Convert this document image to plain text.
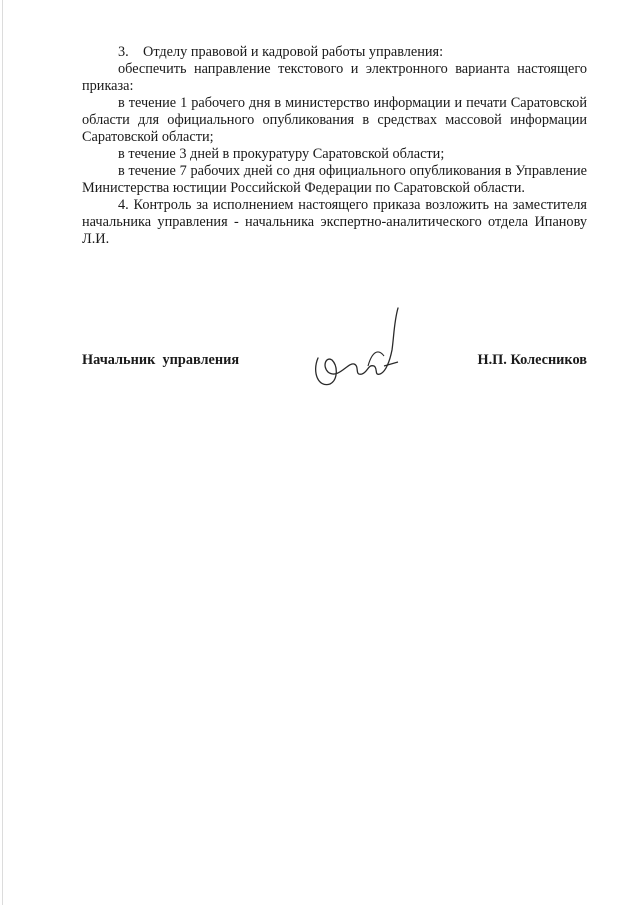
3.    Отделу правовой и кадровой работы управления:

обеспечить направление текстового и электронного варианта настоящего приказа:

в течение 1 рабочего дня в министерство информации и печати Саратовской области для официального опубликования в средствах массовой информации Саратовской области;

в течение 3 дней в прокуратуру Саратовской области;

в течение 7 рабочих дней со дня официального опубликования в Управление Министерства юстиции Российской Федерации по Саратовской области.

4. Контроль за исполнением настоящего приказа возложить на заместителя начальника управления - начальника экспертно-аналитического отдела Ипанову Л.И.

Начальник  управления	Н.П. Колесников
